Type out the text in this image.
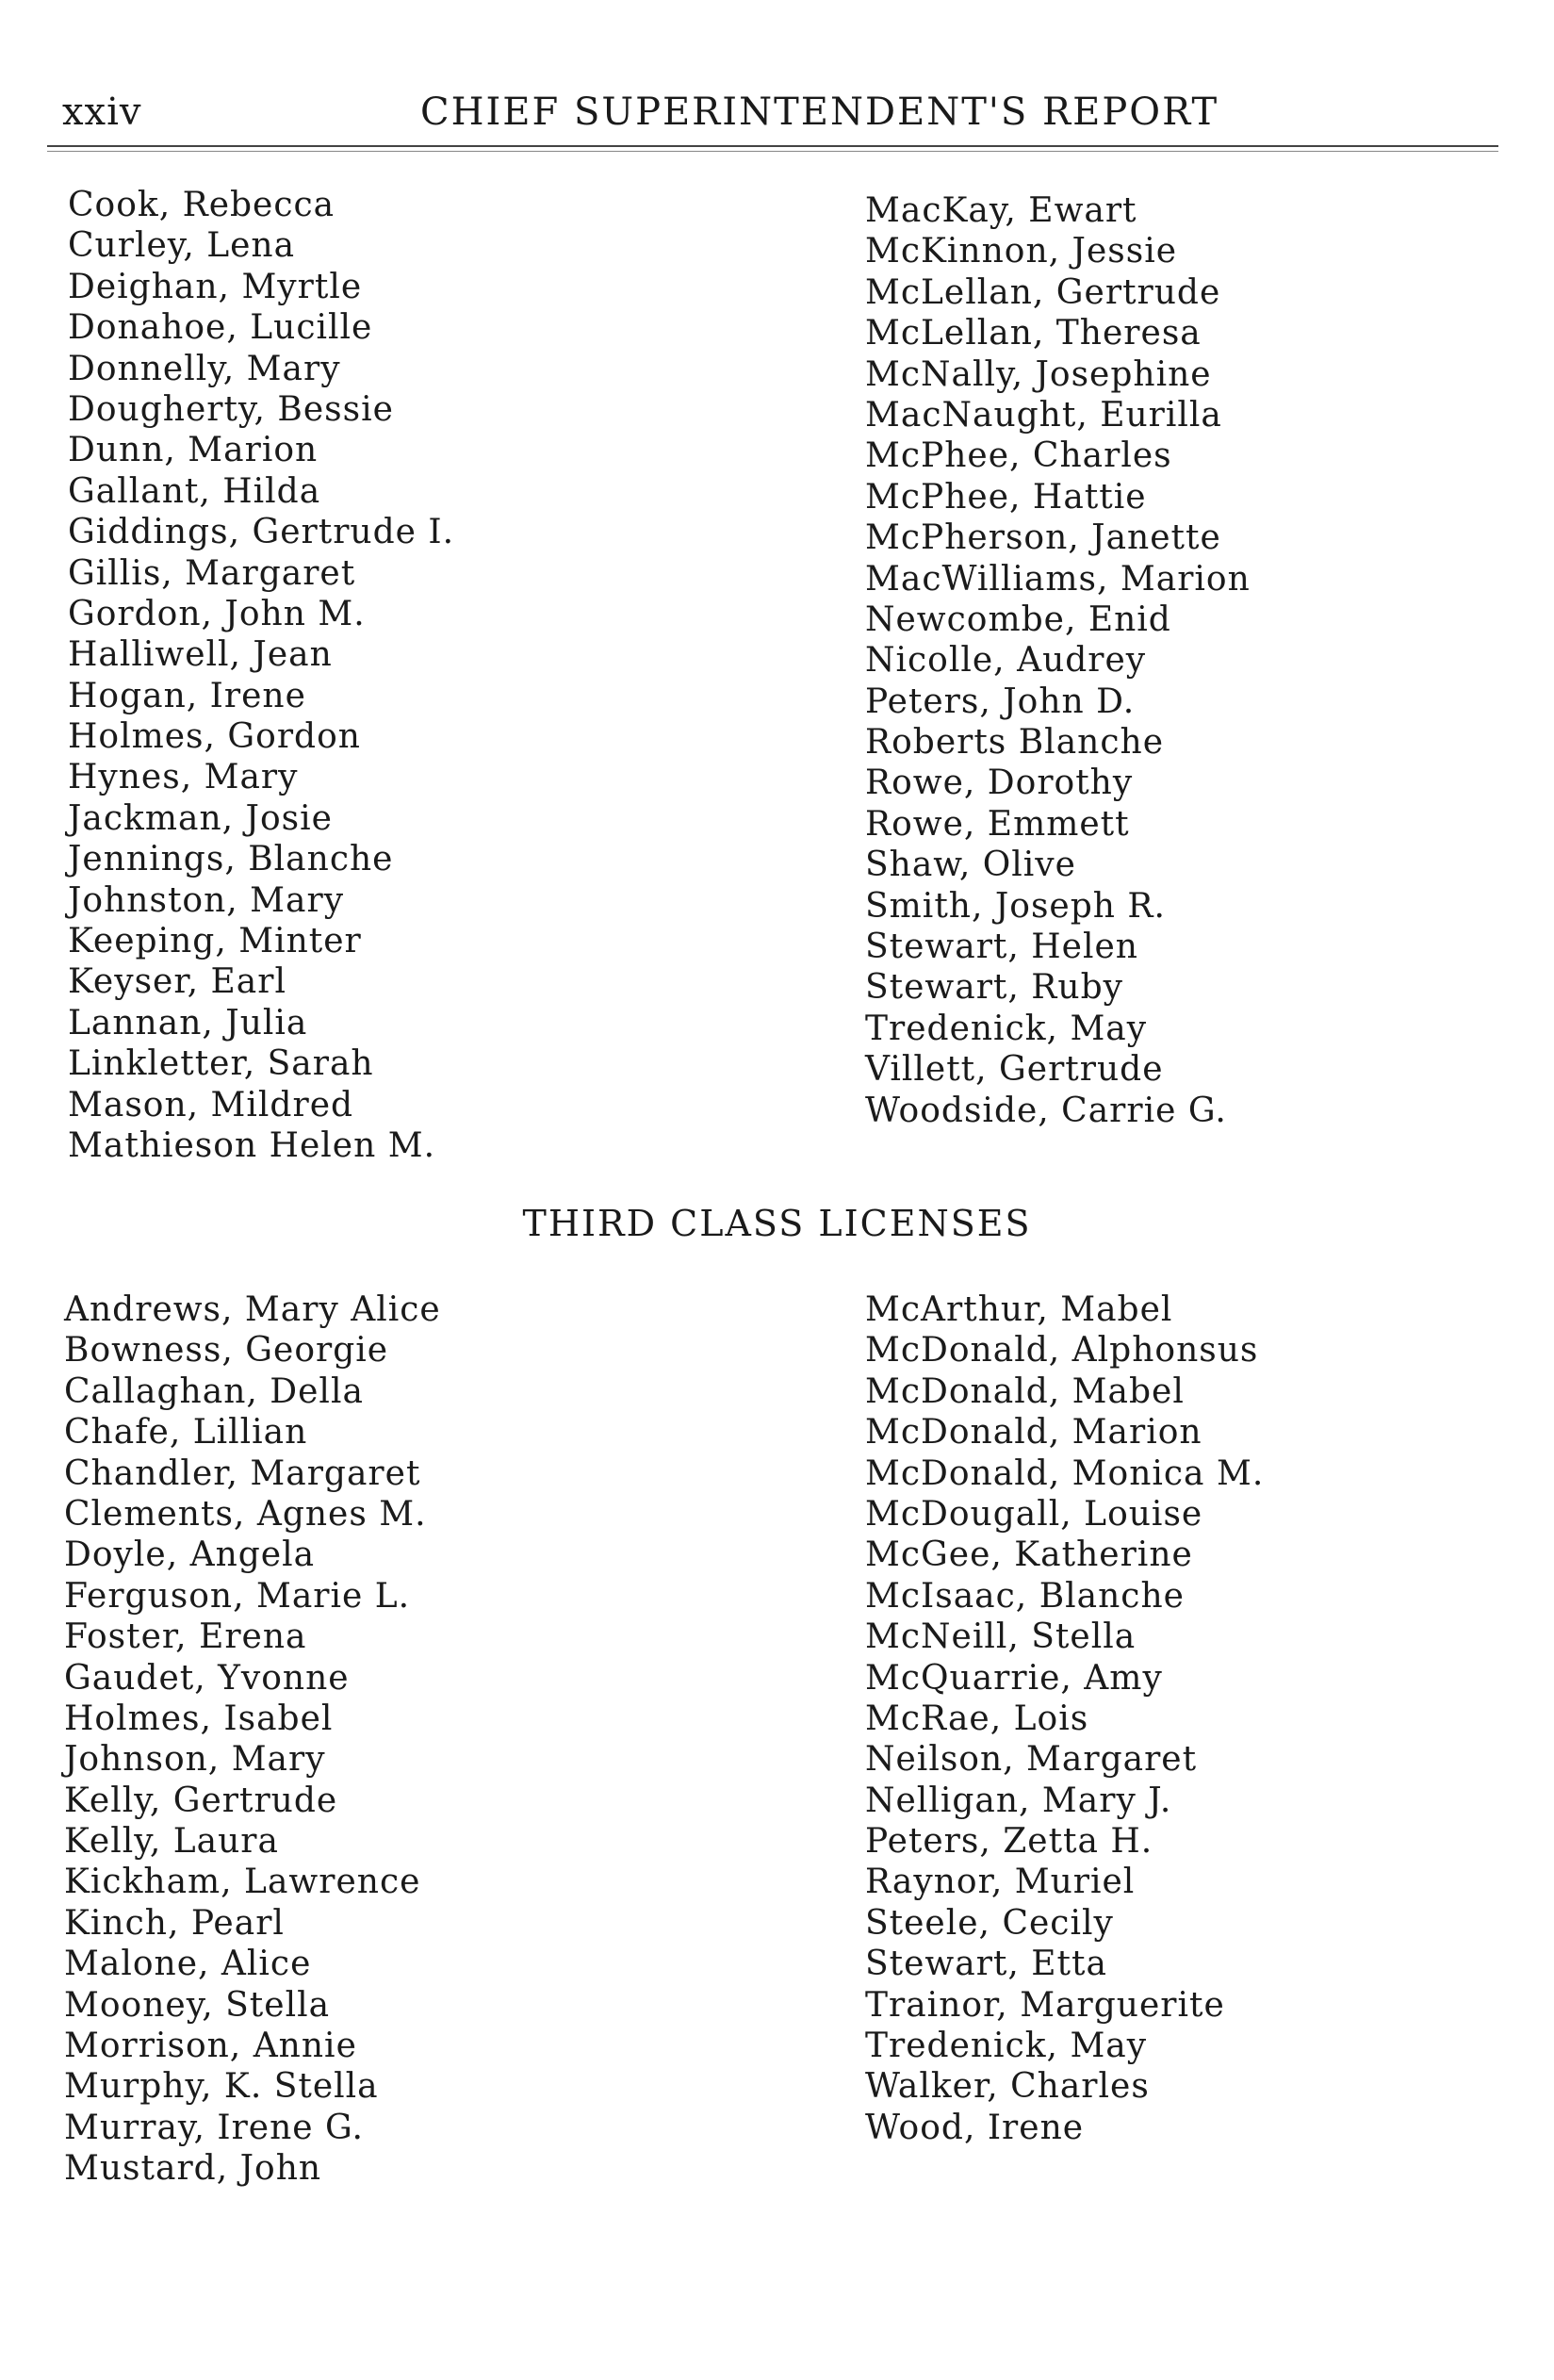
xxiv	CHIEF SUPERINTENDENT'S REPORT
Cook, Rebecca
Curley, Lena
Deighan, Myrtle
Donahoe, Lucille
Donnelly, Mary
Dougherty, Bessie
Dunn, Marion
Gallant, Hilda
Giddings, Gertrude I.
Gillis, Margaret
Gordon, John M.
Halliwell, Jean
Hogan, Irene
Holmes, Gordon
Hynes, Mary
Jackman, Josie
Jennings, Blanche
Johnston, Mary
Keeping, Minter
Keyser, Earl
Lannan, Julia
Linkletter, Sarah
Mason, Mildred
Mathieson Helen M.
MacKay, Ewart
McKinnon, Jessie
McLellan, Gertrude
McLellan, Theresa
McNally, Josephine
MacNaught, Eurilla
McPhee, Charles
McPhee, Hattie
McPherson, Janette
MacWilliams, Marion
Newcombe, Enid
Nicolle, Audrey
Peters, John D.
Roberts Blanche
Rowe, Dorothy
Rowe, Emmett
Shaw, Olive
Smith, Joseph R.
Stewart, Helen
Stewart, Ruby
Tredenick, May
Villett, Gertrude
Woodside, Carrie G.
THIRD CLASS LICENSES
Andrews, Mary Alice
Bowness, Georgie
Callaghan, Della
Chafe, Lillian
Chandler, Margaret
Clements, Agnes M.
Doyle, Angela
Ferguson, Marie L.
Foster, Erena
Gaudet, Yvonne
Holmes, Isabel
Johnson, Mary
Kelly, Gertrude
Kelly, Laura
Kickham, Lawrence
Kinch, Pearl
Malone, Alice
Mooney, Stella
Morrison, Annie
Murphy, K. Stella
Murray, Irene G.
Mustard, John
McArthur, Mabel
McDonald, Alphonsus
McDonald, Mabel
McDonald, Marion
McDonald, Monica M.
McDougall, Louise
McGee, Katherine
McIsaac, Blanche
McNeill, Stella
McQuarrie, Amy
McRae, Lois
Neilson, Margaret
Nelligan, Mary J.
Peters, Zetta H.
Raynor, Muriel
Steele, Cecily
Stewart, Etta
Trainor, Marguerite
Tredenick, May
Walker, Charles
Wood, Irene
